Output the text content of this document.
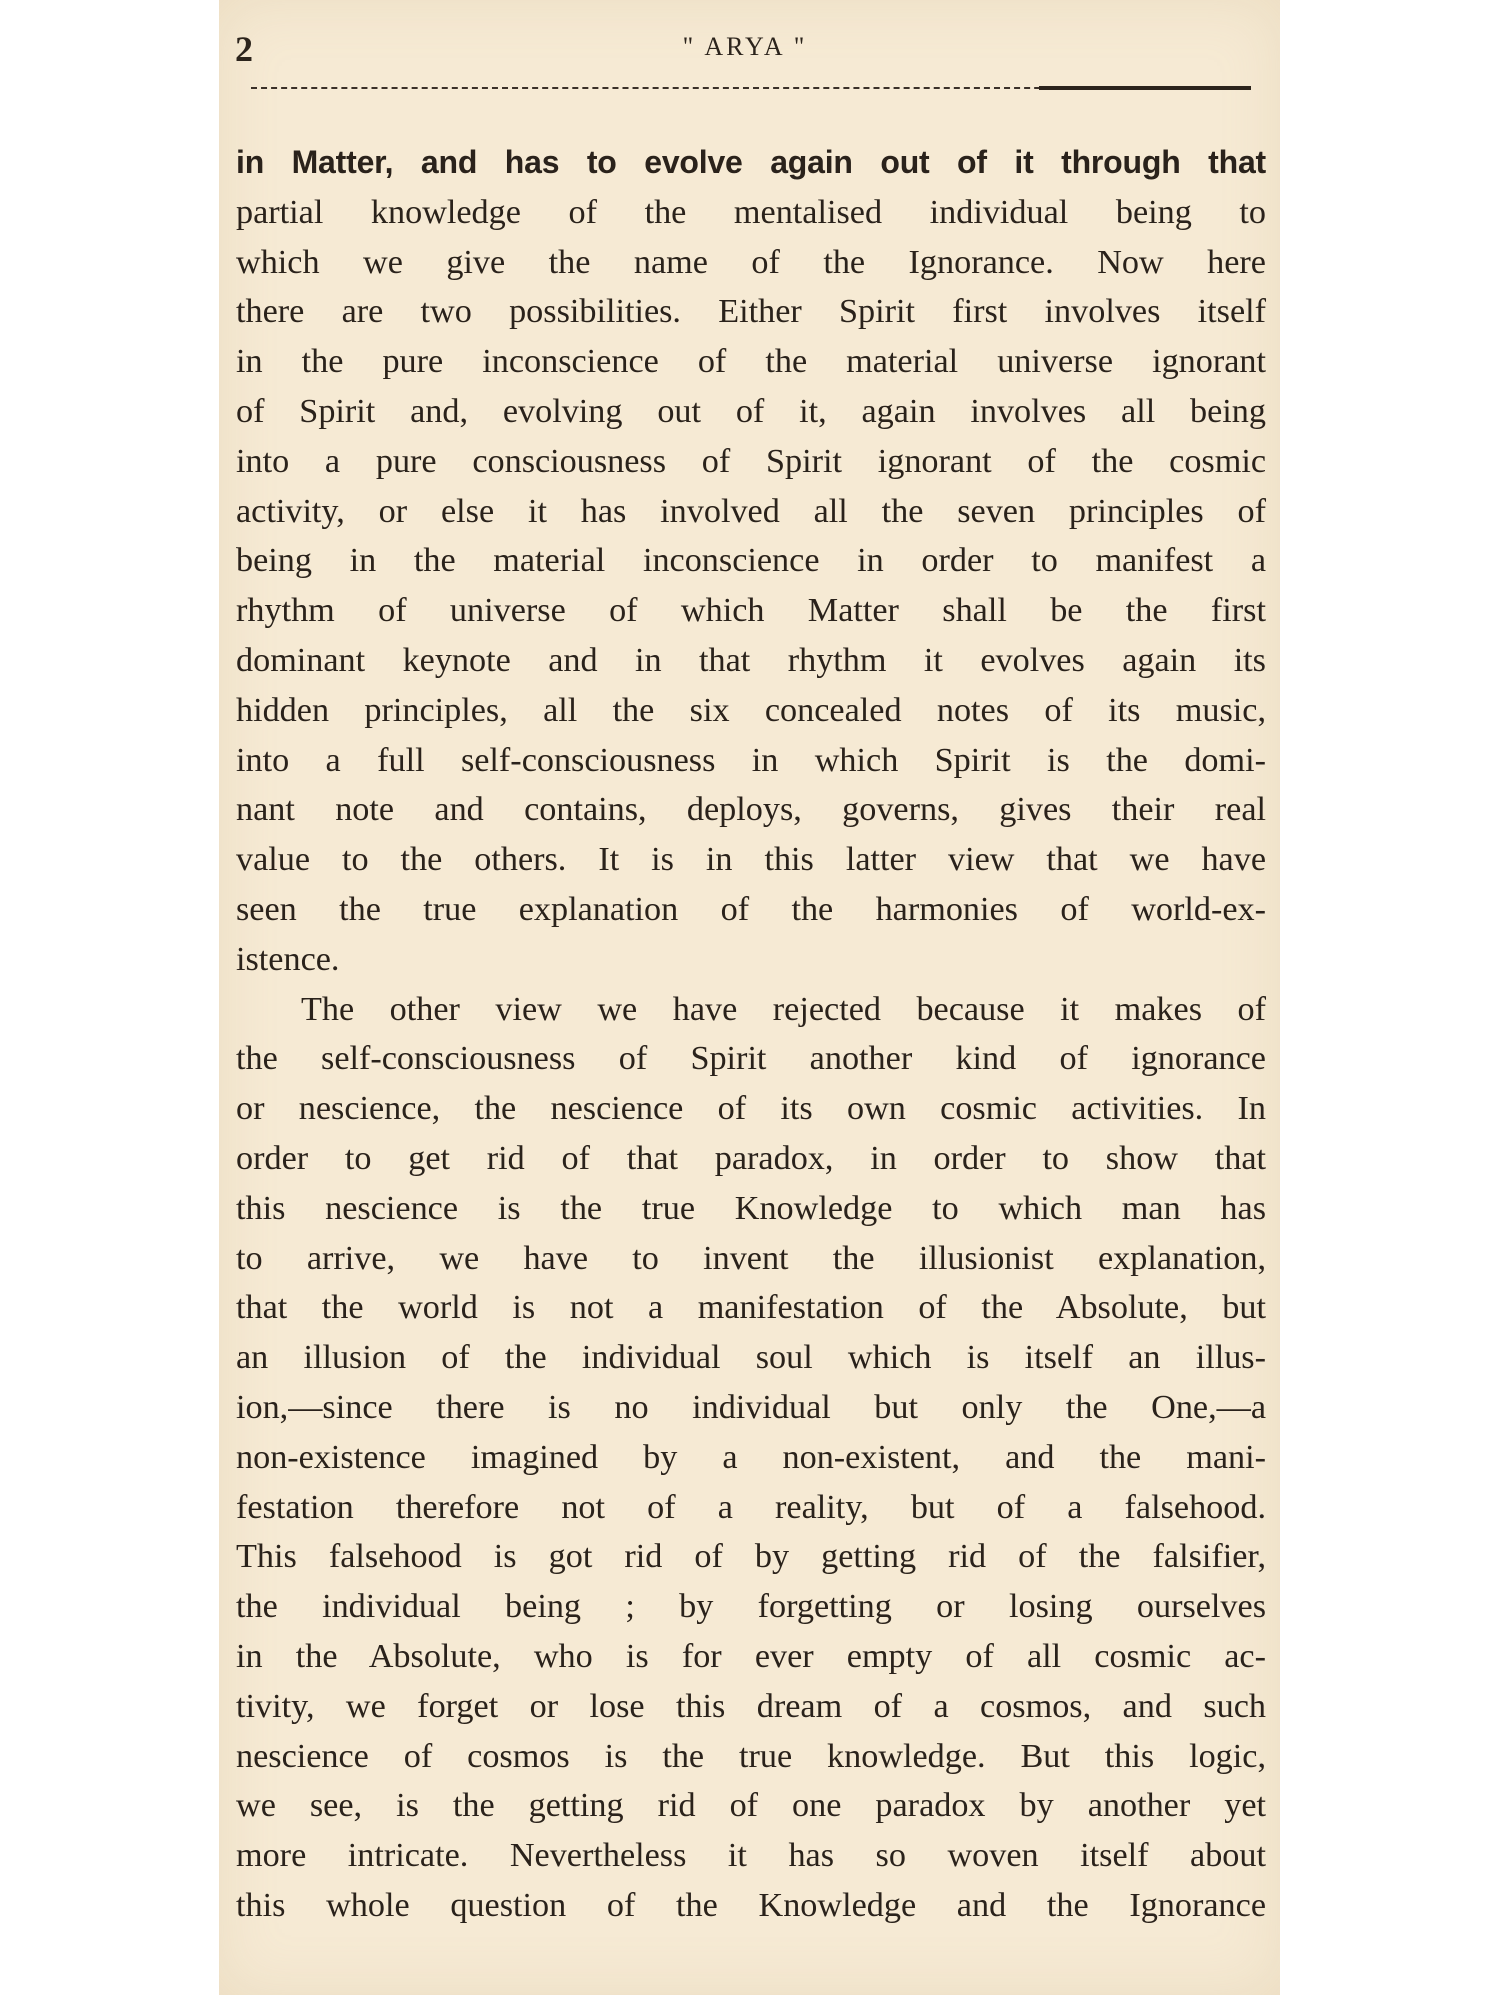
2	" ARYA "
in Matter, and has to evolve again out of it through that
partial knowledge of the mentalised individual being to
which we give the name of the Ignorance. Now here
there are two possibilities. Either Spirit first involves itself
in the pure inconscience of the material universe ignorant
of Spirit and, evolving out of it, again involves all being
into a pure consciousness of Spirit ignorant of the cosmic
activity, or else it has involved all the seven principles of
being in the material inconscience in order to manifest a
rhythm of universe of which Matter shall be the first
dominant keynote and in that rhythm it evolves again its
hidden principles, all the six concealed notes of its music,
into a full self-consciousness in which Spirit is the domi-
nant note and contains, deploys, governs, gives their real
value to the others. It is in this latter view that we have
seen the true explanation of the harmonies of world-ex-
istence.
The other view we have rejected because it makes of
the self-consciousness of Spirit another kind of ignorance
or nescience, the nescience of its own cosmic activities. In
order to get rid of that paradox, in order to show that
this nescience is the true Knowledge to which man has
to arrive, we have to invent the illusionist explanation,
that the world is not a manifestation of the Absolute, but
an illusion of the individual soul which is itself an illus-
ion,—since there is no individual but only the One,—a
non-existence imagined by a non-existent, and the mani-
festation therefore not of a reality, but of a falsehood.
This falsehood is got rid of by getting rid of the falsifier,
the individual being ; by forgetting or losing ourselves
in the Absolute, who is for ever empty of all cosmic ac-
tivity, we forget or lose this dream of a cosmos, and such
nescience of cosmos is the true knowledge. But this logic,
we see, is the getting rid of one paradox by another yet
more intricate. Nevertheless it has so woven itself about
this whole question of the Knowledge and the Ignorance
